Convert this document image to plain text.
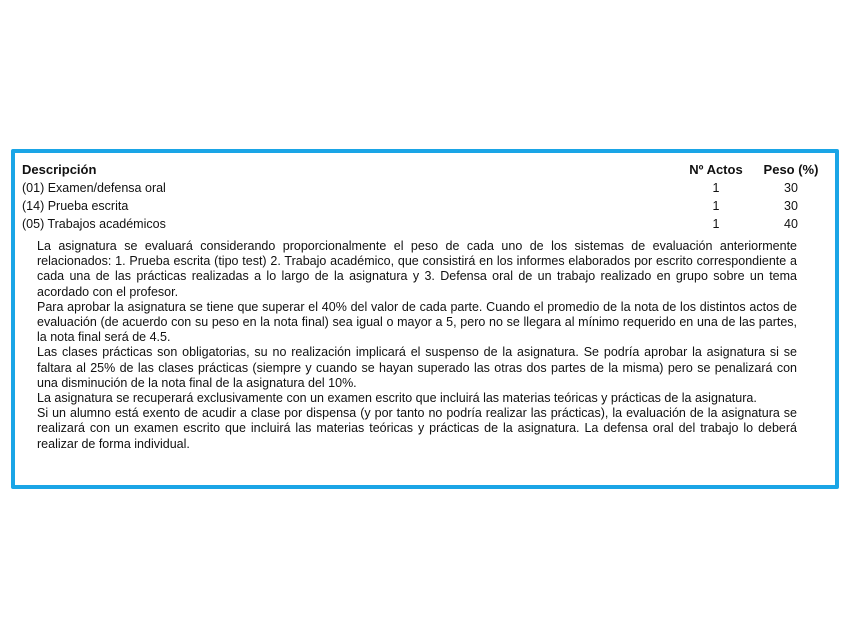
Descripción	Nº Actos	Peso (%)
(01) Examen/defensa oral	1	30
(14) Prueba escrita	1	30
(05) Trabajos académicos	1	40

La asignatura se evaluará considerando proporcionalmente el peso de cada uno de los sistemas de evaluación anteriormente relacionados: 1. Prueba escrita (tipo test) 2. Trabajo académico, que consistirá en los informes elaborados por escrito correspondiente a cada una de las prácticas realizadas a lo largo de la asignatura y 3. Defensa oral de un trabajo realizado en grupo sobre un tema acordado con el profesor.

Para aprobar la asignatura se tiene que superar el 40% del valor de cada parte. Cuando el promedio de la nota de los distintos actos de evaluación (de acuerdo con su peso en la nota final) sea igual o mayor a 5, pero no se llegara al mínimo requerido en una de las partes, la nota final será de 4.5.

Las clases prácticas son obligatorias, su no realización implicará el suspenso de la asignatura. Se podría aprobar la asignatura si se faltara al 25% de las clases prácticas (siempre y cuando se hayan superado las otras dos partes de la misma) pero se penalizará con una disminución de la nota final de la asignatura del 10%.

La asignatura se recuperará exclusivamente con un examen escrito que incluirá las materias teóricas y prácticas de la asignatura.

Si un alumno está exento de acudir a clase por dispensa (y por tanto no podría realizar las prácticas), la evaluación de la asignatura se realizará con un examen escrito que incluirá las materias teóricas y prácticas de la asignatura. La defensa oral del trabajo lo deberá realizar de forma individual.
